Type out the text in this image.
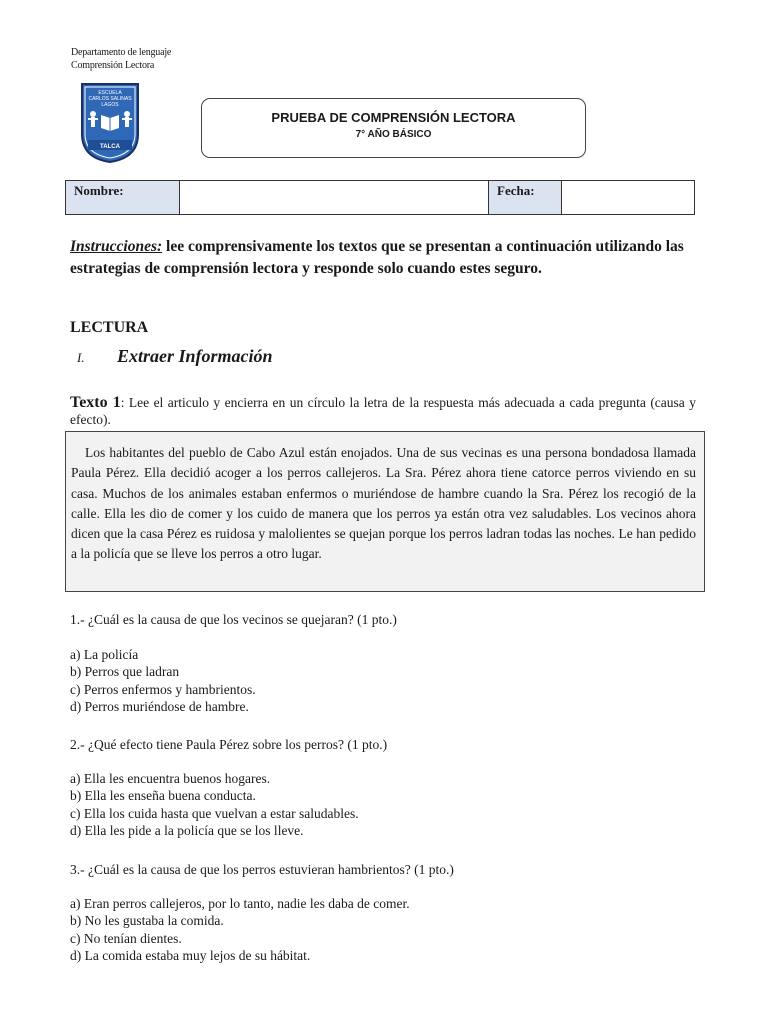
Departamento de lenguaje
Comprensión Lectora
ESCUELA
CARLOS SALINAS
LAGOS
TALCA
PRUEBA DE COMPRENSIÓN LECTORA
7° AÑO BÁSICO
Nombre:		Fecha:	
Instrucciones: lee comprensivamente los textos que se presentan a continuación utilizando las estrategias de comprensión lectora y responde solo cuando estes seguro.
LECTURA
I. Extraer Información
Texto 1: Lee el articulo y encierra en un círculo la letra de la respuesta más adecuada a cada pregunta (causa y efecto).
Los habitantes del pueblo de Cabo Azul están enojados. Una de sus vecinas es una persona bondadosa llamada Paula Pérez. Ella decidió acoger a los perros callejeros. La Sra. Pérez ahora tiene catorce perros viviendo en su casa. Muchos de los animales estaban enfermos o muriéndose de hambre cuando la Sra. Pérez los recogió de la calle. Ella les dio de comer y los cuido de manera que los perros ya están otra vez saludables. Los vecinos ahora dicen que la casa Pérez es ruidosa y malolientes se quejan porque los perros ladran todas las noches. Le han pedido a la policía que se lleve los perros a otro lugar.
1.- ¿Cuál es la causa de que los vecinos se quejaran? (1 pto.)
a) La policía
b) Perros que ladran
c) Perros enfermos y hambrientos.
d) Perros muriéndose de hambre.
2.- ¿Qué efecto tiene Paula Pérez sobre los perros? (1 pto.)
a) Ella les encuentra buenos hogares.
b) Ella les enseña buena conducta.
c) Ella los cuida hasta que vuelvan a estar saludables.
d) Ella les pide a la policía que se los lleve.
3.- ¿Cuál es la causa de que los perros estuvieran hambrientos? (1 pto.)
a) Eran perros callejeros, por lo tanto, nadie les daba de comer.
b) No les gustaba la comida.
c) No tenían dientes.
d) La comida estaba muy lejos de su hábitat.
